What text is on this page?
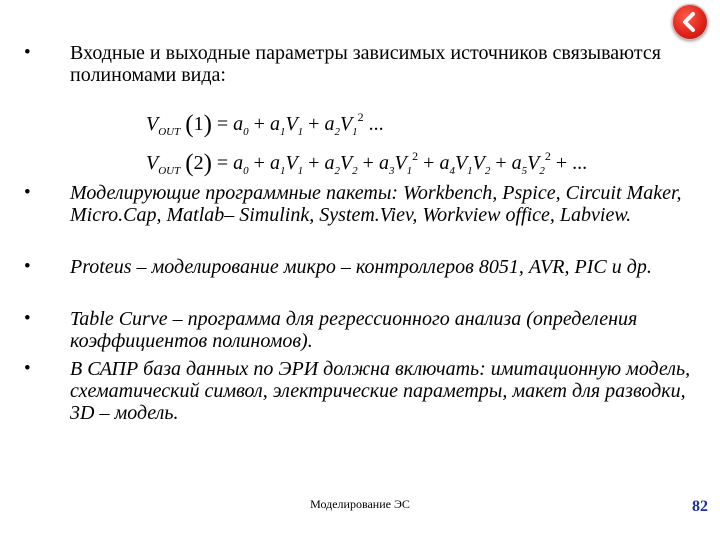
• Входные и выходные параметры зависимых источников связываются полиномами вида:
$V_{OUT}$ $(1) = a_0 + a_1V_1 + a_2V_1^2$ ...
$V_{OUT}$ $(2) = a_0 + a_1V_1 + a_2V_2 + a_3V_1^2 + a_4V_1V_2 + a_5V_2^2$ + ...
• Моделирующие программные пакеты: Workbench, Pspice, Circuit Maker, Micro.Cap, Matlab– Simulink, System.Viev, Workview office, Labview.
• Proteus – моделирование микро – контроллеров 8051, AVR, PIC и др.
• Table Curve – программа для регрессионного анализа (определения коэффициентов полиномов).
• В САПР база данных по ЭРИ должна включать: имитационную модель, схематический символ, электрические параметры, макет для разводки, 3D – модель.
Моделирование ЭС	82
